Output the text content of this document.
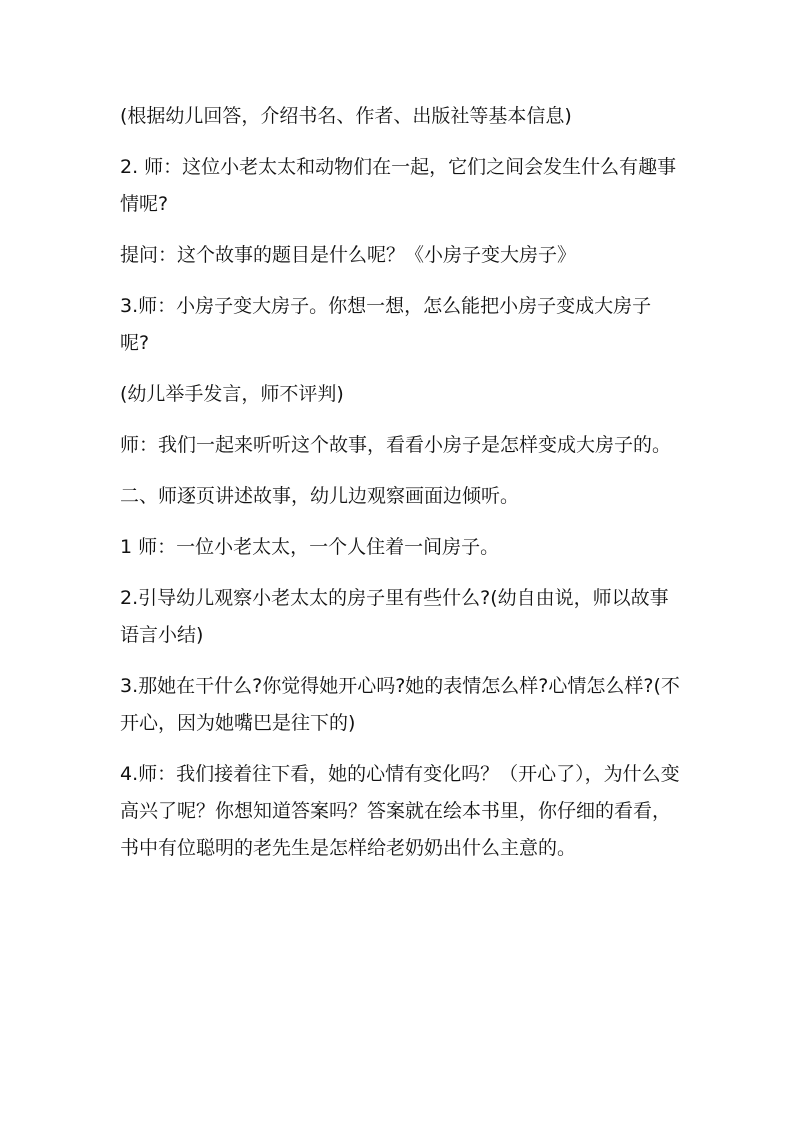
(根据幼儿回答，介绍书名、作者、出版社等基本信息)

2. 师：这位小老太太和动物们在一起，它们之间会发生什么有趣事情呢?

提问：这个故事的题目是什么呢？《小房子变大房子》

3.师：小房子变大房子。你想一想，怎么能把小房子变成大房子呢?

(幼儿举手发言，师不评判)

师：我们一起来听听这个故事，看看小房子是怎样变成大房子的。

二、师逐页讲述故事，幼儿边观察画面边倾听。

1 师：一位小老太太，一个人住着一间房子。

2.引导幼儿观察小老太太的房子里有些什么?(幼自由说，师以故事语言小结)

3.那她在干什么?你觉得她开心吗?她的表情怎么样?心情怎么样?(不开心，因为她嘴巴是往下的)

4.师：我们接着往下看，她的心情有变化吗？（开心了），为什么变高兴了呢？你想知道答案吗？答案就在绘本书里，你仔细的看看，书中有位聪明的老先生是怎样给老奶奶出什么主意的。
